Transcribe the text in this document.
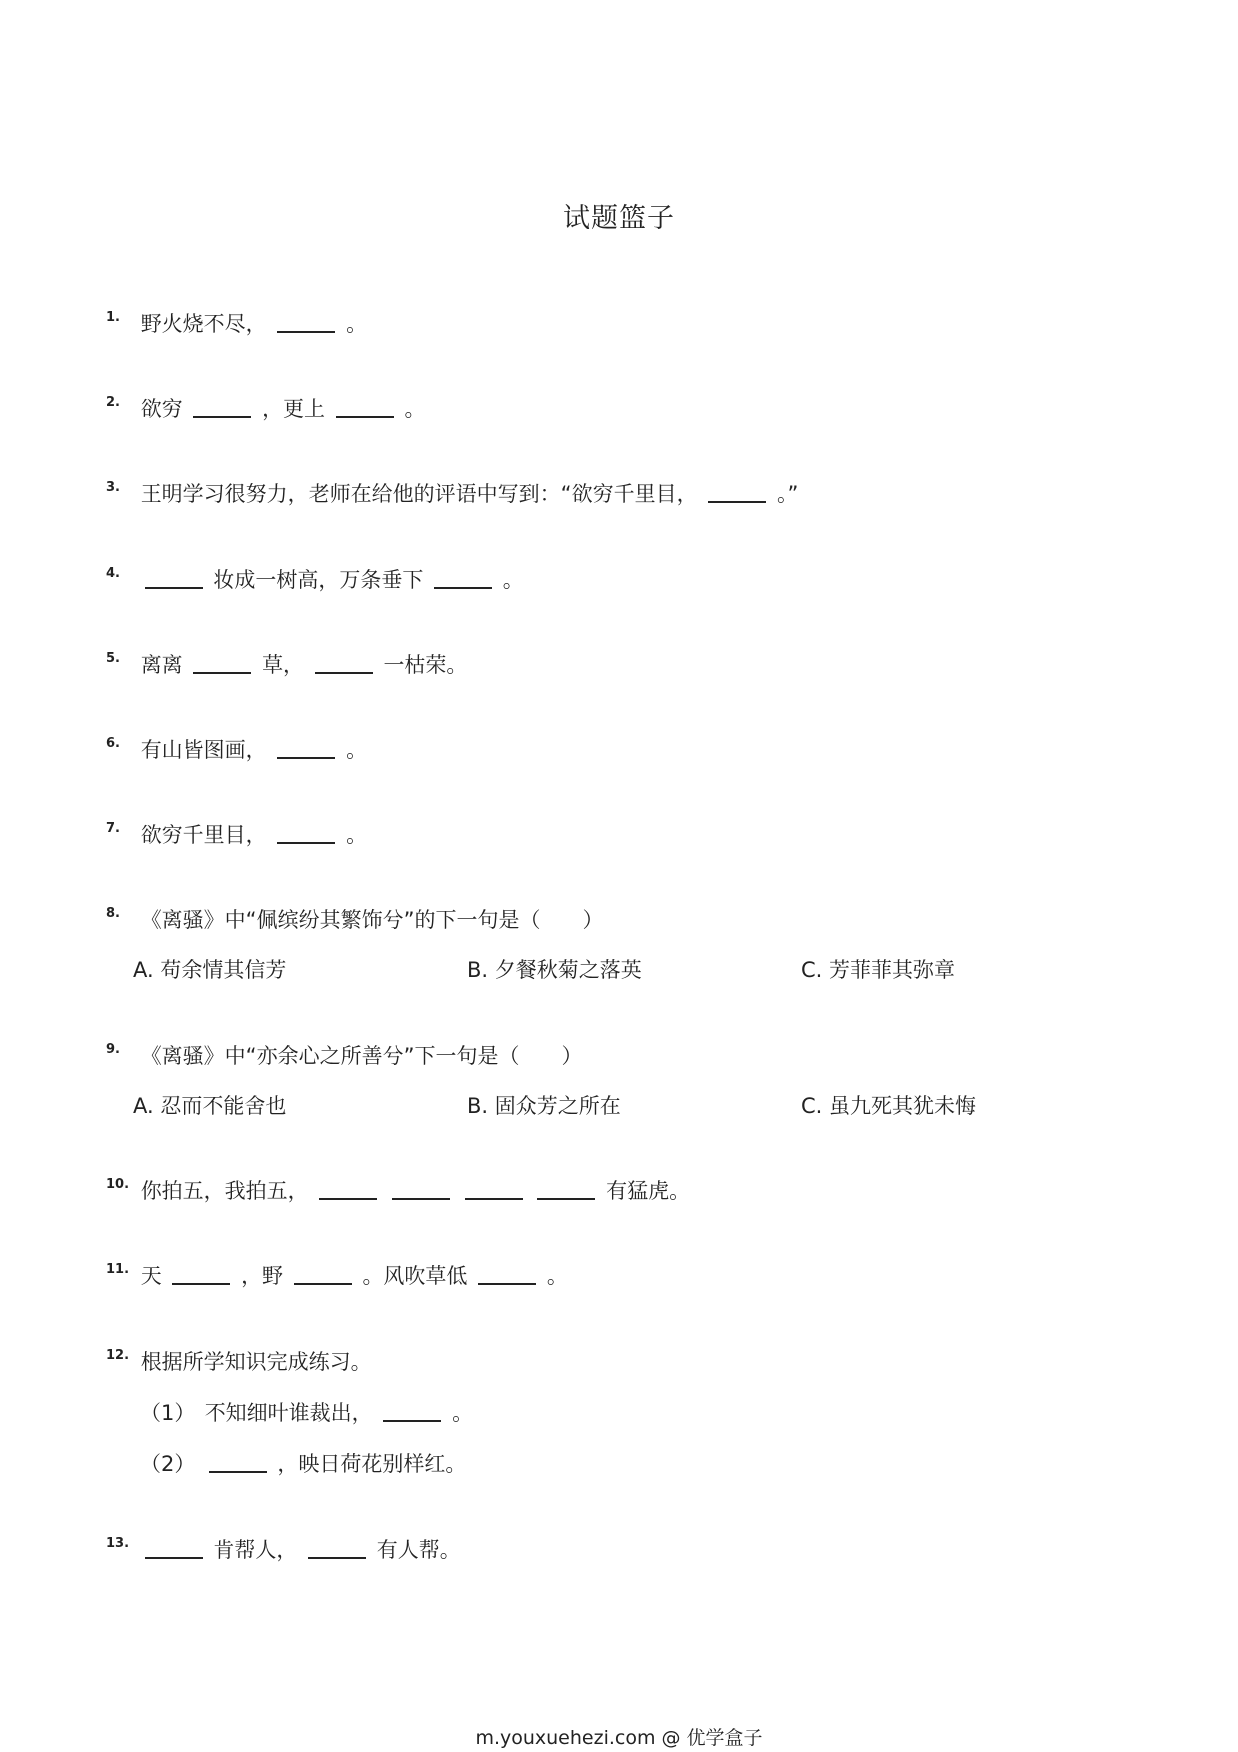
试题篮子
1. 野火烧不尽，	。
2. 欲穷	，更上	。
3. 王明学习很努力，老师在给他的评语中写到：“欲穷千里目，	。”
4.	妆成一树高，万条垂下	。
5. 离离	草，	一枯荣。
6. 有山皆图画，	。
7. 欲穷千里目，	。
8. 《离骚》中“佩缤纷其繁饰兮”的下一句是（　　）
A. 苟余情其信芳	B. 夕餐秋菊之落英	C. 芳菲菲其弥章
9. 《离骚》中“亦余心之所善兮”下一句是（　　）
A. 忍而不能舍也	B. 固众芳之所在	C. 虽九死其犹未悔
10. 你拍五，我拍五，	有猛虎。
11. 天	，野	。风吹草低	。
12. 根据所学知识完成练习。
（1） 不知细叶谁裁出，	。
（2）	，映日荷花别样红。
13.	肯帮人，	有人帮。
m.youxuehezi.com @ 优学盒子
